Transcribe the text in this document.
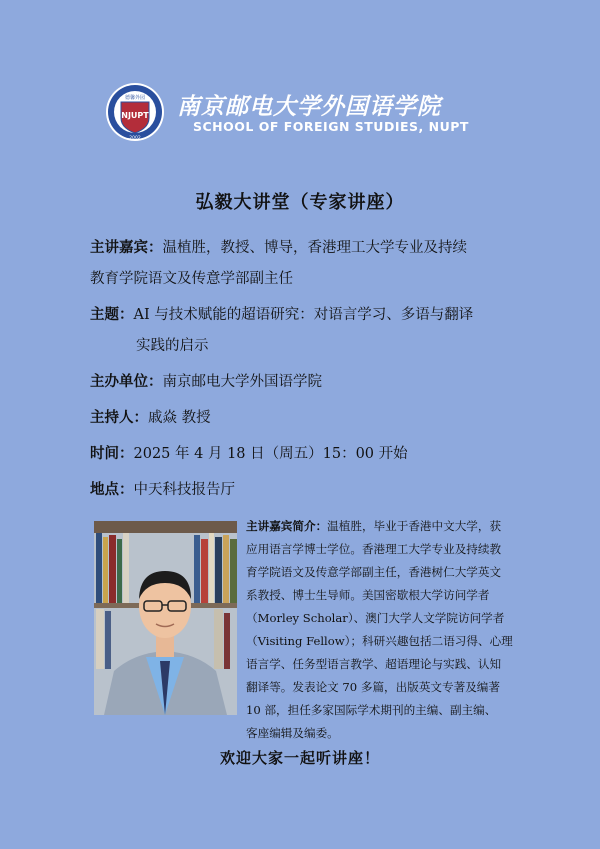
德馨外园
NJUPT
2002
南京邮电大学外国语学院
SCHOOL OF FOREIGN STUDIES, NUPT
弘毅大讲堂（专家讲座）
主讲嘉宾：温植胜，教授、博导，香港理工大学专业及持续
教育学院语文及传意学部副主任
主题：AI 与技术赋能的超语研究：对语言学习、多语与翻译
实践的启示
主办单位：南京邮电大学外国语学院
主持人：戚焱 教授
时间：2025 年 4 月 18 日（周五）15：00 开始
地点：中天科技报告厅
主讲嘉宾简介：温植胜，毕业于香港中文大学，获
应用语言学博士学位。香港理工大学专业及持续教
育学院语文及传意学部副主任，香港树仁大学英文
系教授、博士生导师。美国密歇根大学访问学者
（Morley Scholar）、澳门大学人文学院访问学者
（Visiting Fellow）；科研兴趣包括二语习得、心理
语言学、任务型语言教学、超语理论与实践、认知
翻译等。发表论文 70 多篇，出版英文专著及编著
10 部，担任多家国际学术期刊的主编、副主编、
客座编辑及编委。
欢迎大家一起听讲座！
